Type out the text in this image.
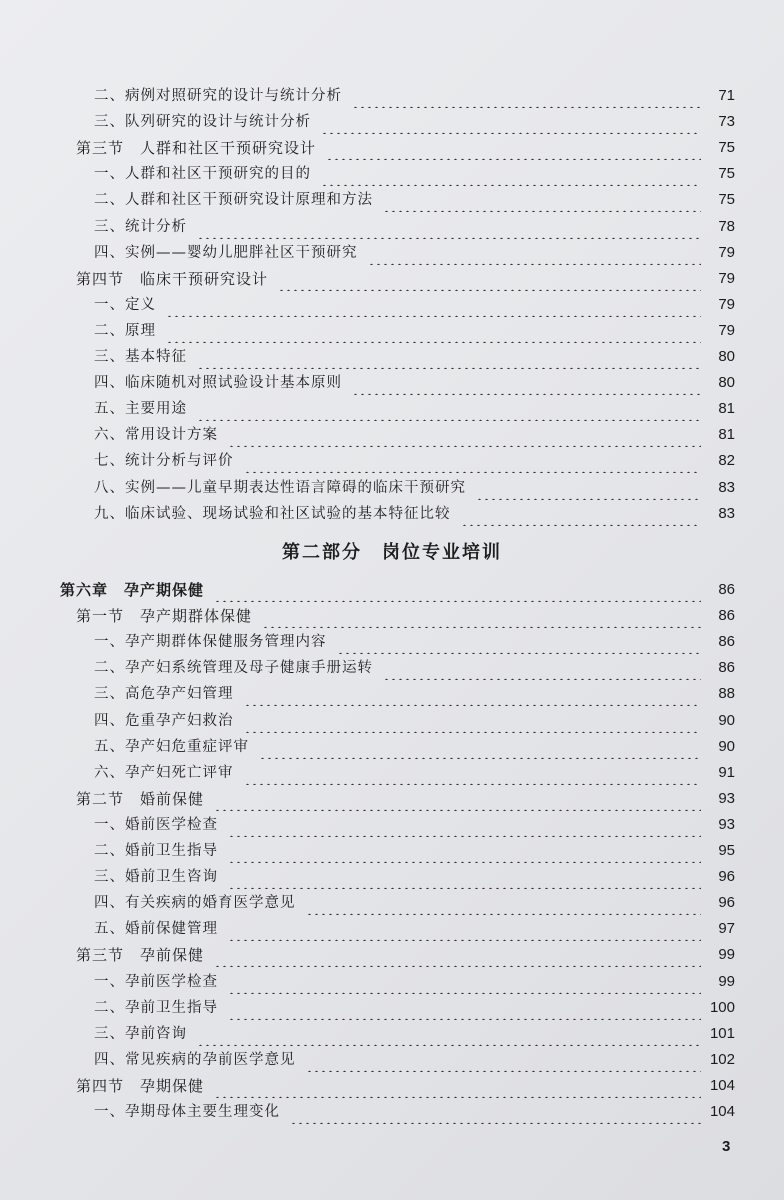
二、病例对照研究的设计与统计分析	71
三、队列研究的设计与统计分析	73
第三节　人群和社区干预研究设计	75
一、人群和社区干预研究的目的	75
二、人群和社区干预研究设计原理和方法	75
三、统计分析	78
四、实例——婴幼儿肥胖社区干预研究	79
第四节　临床干预研究设计	79
一、定义	79
二、原理	79
三、基本特征	80
四、临床随机对照试验设计基本原则	80
五、主要用途	81
六、常用设计方案	81
七、统计分析与评价	82
八、实例——儿童早期表达性语言障碍的临床干预研究	83
九、临床试验、现场试验和社区试验的基本特征比较	83
第二部分　岗位专业培训
第六章　孕产期保健	86
第一节　孕产期群体保健	86
一、孕产期群体保健服务管理内容	86
二、孕产妇系统管理及母子健康手册运转	86
三、高危孕产妇管理	88
四、危重孕产妇救治	90
五、孕产妇危重症评审	90
六、孕产妇死亡评审	91
第二节　婚前保健	93
一、婚前医学检查	93
二、婚前卫生指导	95
三、婚前卫生咨询	96
四、有关疾病的婚育医学意见	96
五、婚前保健管理	97
第三节　孕前保健	99
一、孕前医学检查	99
二、孕前卫生指导	100
三、孕前咨询	101
四、常见疾病的孕前医学意见	102
第四节　孕期保健	104
一、孕期母体主要生理变化	104
3
